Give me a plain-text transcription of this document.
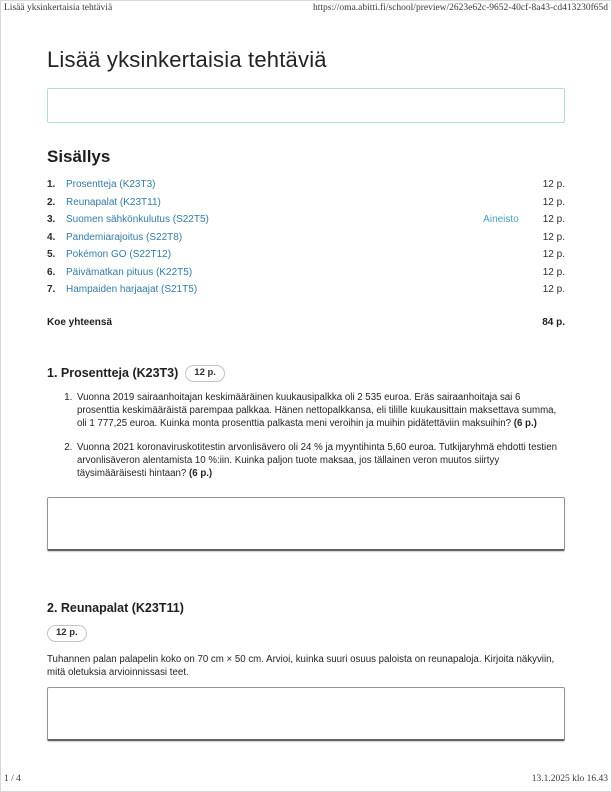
Lisää yksinkertaisia tehtäviä	https://oma.abitti.fi/school/preview/2623e62c-9652-40cf-8a43-cd413230f65d
Lisää yksinkertaisia tehtäviä
Sisällys
1.	Prosentteja (K23T3)	12 p.
2.	Reunapalat (K23T11)	12 p.
3.	Suomen sähkönkulutus (S22T5)	Aineisto 12 p.
4.	Pandemiarajoitus (S22T8)	12 p.
5.	Pokémon GO (S22T12)	12 p.
6.	Päivämatkan pituus (K22T5)	12 p.
7.	Hampaiden harjaajat (S21T5)	12 p.
Koe yhteensä	84 p.
1. Prosentteja (K23T3)	12 p.
1. Vuonna 2019 sairaanhoitajan keskimääräinen kuukausipalkka oli 2 535 euroa. Eräs sairaanhoitaja sai 6 prosenttia keskimääräistä parempaa palkkaa. Hänen nettopalkkansa, eli tilille kuukausittain maksettava summa, oli 1 777,25 euroa. Kuinka monta prosenttia palkasta meni veroihin ja muihin pidätettäviin maksuihin? (6 p.)
2. Vuonna 2021 koronaviruskotitestin arvonlisävero oli 24 % ja myyntihinta 5,60 euroa. Tutkijaryhmä ehdotti testien arvonlisäveron alentamista 10 %:iin. Kuinka paljon tuote maksaa, jos tällainen veron muutos siirtyy täysimääräisesti hintaan? (6 p.)
2. Reunapalat (K23T11)
12 p.

Tuhannen palan palapelin koko on 70 cm × 50 cm. Arvioi, kuinka suuri osuus paloista on reunapaloja. Kirjoita näkyviin, mitä oletuksia arvioinnissasi teet.

1 / 4	13.1.2025 klo 16.43
